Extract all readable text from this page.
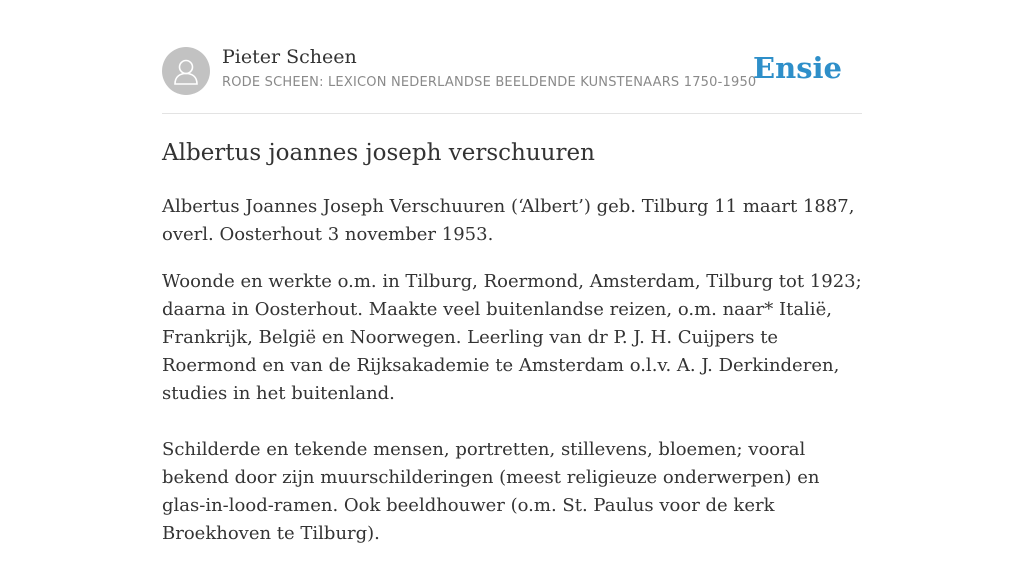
Pieter Scheen
RODE SCHEEN: LEXICON NEDERLANDSE BEELDENDE KUNSTENAARS 1750-1950
Ensie
Albertus joannes joseph verschuuren

Albertus Joannes Joseph Verschuuren (‘Albert’) geb. Tilburg 11 maart 1887, overl. Oosterhout 3 november 1953.

Woonde en werkte o.m. in Tilburg, Roermond, Amsterdam, Tilburg tot 1923; daarna in Oosterhout. Maakte veel buitenlandse reizen, o.m. naar* Italië, Frankrijk, België en Noorwegen. Leerling van dr P. J. H. Cuijpers te Roermond en van de Rijksakademie te Amsterdam o.l.v. A. J. Derkinderen, studies in het buitenland.

Schilderde en tekende mensen, portretten, stillevens, bloemen; vooral bekend door zijn muurschilderingen (meest religieuze onderwerpen) en glas-in-lood-ramen. Ook beeldhouwer (o.m. St. Paulus voor de kerk Broekhoven te Tilburg).
